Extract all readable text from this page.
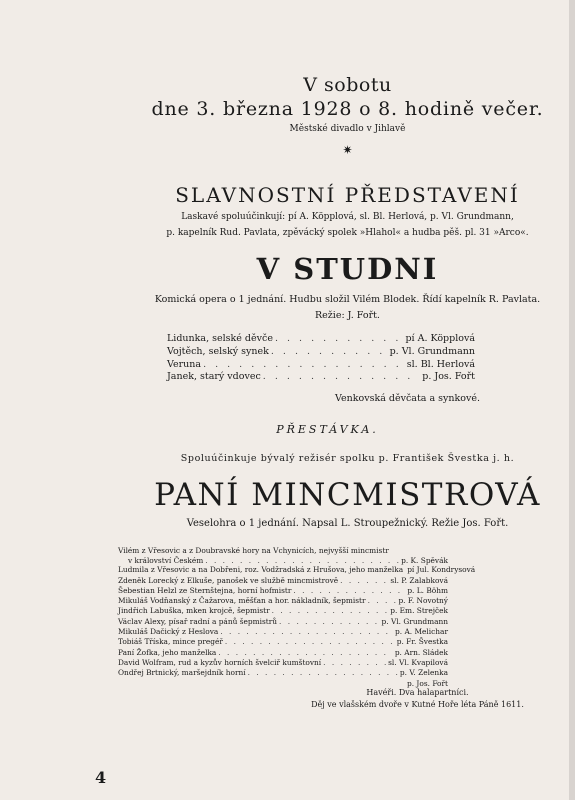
V sobotu
dne 3. března 1928 o 8. hodině večer.
Městské divadlo v Jihlavě
✷
SLAVNOSTNÍ PŘEDSTAVENÍ
Laskavé spoluúčinkují: pí A. Köpplová, sl. Bl. Herlová, p. Vl. Grundmann,
p. kapelník Rud. Pavlata, zpěvácký spolek »Hlahol« a hudba pěš. pl. 31 »Arco«.
V STUDNI
Komická opera o 1 jednání. Hudbu složil Vilém Blodek. Řídí kapelník R. Pavlata.
Režie: J. Fořt.
Lidunka, selské děvče . . .	pí A. Köpplová
Vojtěch, selský synek . . .	p. Vl. Grundmann
Veruna . . .	sl. Bl. Herlová
Janek, starý vdovec . . .	p. Jos. Fořt
Venkovská děvčata a synkové.
PŘESTÁVKA.
Spoluúčinkuje bývalý režisér spolku p. František Švestka j. h.
PANÍ MINCMISTROVÁ
Veselohra o 1 jednání. Napsal L. Stroupežnický. Režie Jos. Fořt.
Vilém z Vřesovic a z Doubravské hory na Vchynicích, nejvyšší mincmistr
v království Českém . . .	p. K. Spěvák
Ludmila z Vřesovic a na Dobřeni, roz. Vodžradská z Hrušova, jeho manželka pí Jul. Kondrysová
Zdeněk Lorecký z Elkuše, panošek ve službě mincmistrově . . .	sl. P. Zalabková
Šebestian Helzl ze Sternštejna, horní hofmistr . . .	p. L. Böhm
Mikuláš Vodňanský z Čažarova, měšťan a hor. nákladník, šepmistr . . .	p. F. Novotný
Jindřich Labuška, mken krojcě, šepmistr . . .	p. Em. Strejček
Václav Alexy, písař radní a pánů šepmistrů . . .	p. Vl. Grundmann
Mikuláš Dačický z Heslova . . .	p. A. Melichar
Tobiáš Tříska, mince pregéř . . .	p. Fr. Švestka
Paní Žofka, jeho manželka . . .	p. Arn. Sládek
David Wolfram, rud a kyzův horních švelciř kumštovní . . .	sl. Vl. Kvapilová
Ondřej Brtnický, maršejdník horní . . .	p. V. Zelenka
p. Jos. Fořt
Havéři. Dva halapartníci.
Děj ve vlašském dvoře v Kutné Hoře léta Páně 1611.
4
